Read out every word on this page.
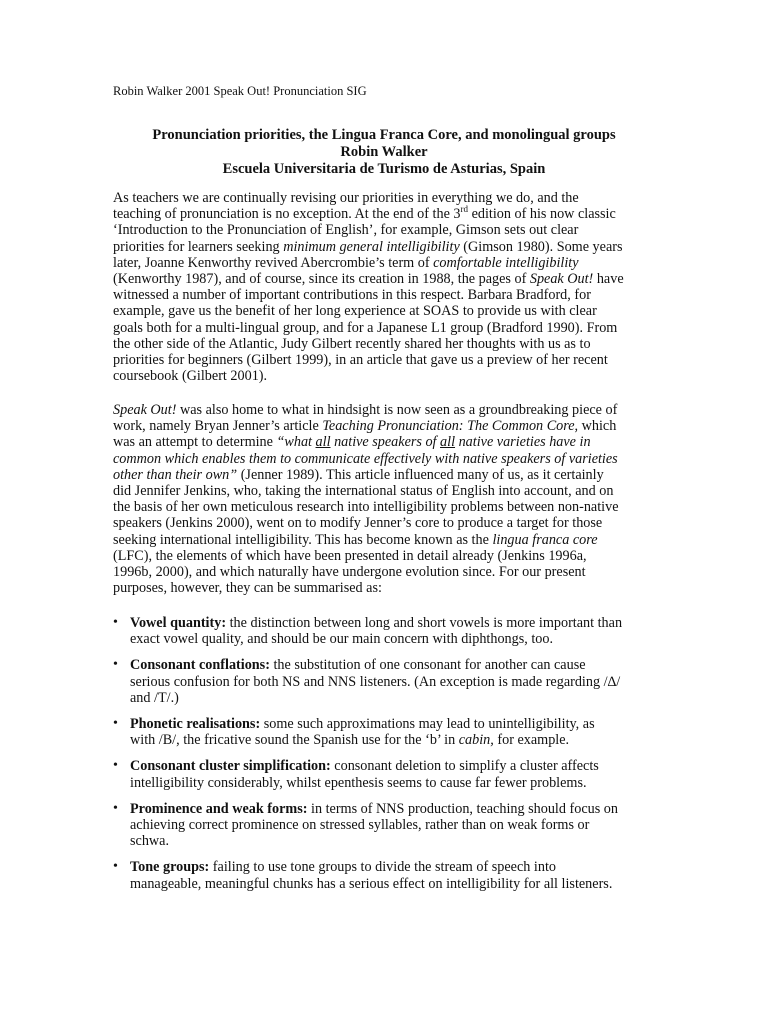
Robin Walker 2001 Speak Out! Pronunciation SIG
Pronunciation priorities, the Lingua Franca Core, and monolingual groups
Robin Walker
Escuela Universitaria de Turismo de Asturias, Spain

As teachers we are continually revising our priorities in everything we do, and the
teaching of pronunciation is no exception. At the end of the 3rd edition of his now classic
‘Introduction to the Pronunciation of English’, for example, Gimson sets out clear
priorities for learners seeking minimum general intelligibility (Gimson 1980). Some years
later, Joanne Kenworthy revived Abercrombie’s term of comfortable intelligibility
(Kenworthy 1987), and of course, since its creation in 1988, the pages of Speak Out! have
witnessed a number of important contributions in this respect. Barbara Bradford, for
example, gave us the benefit of her long experience at SOAS to provide us with clear
goals both for a multi-lingual group, and for a Japanese L1 group (Bradford 1990). From
the other side of the Atlantic, Judy Gilbert recently shared her thoughts with us as to
priorities for beginners (Gilbert 1999), in an article that gave us a preview of her recent
coursebook (Gilbert 2001).

Speak Out! was also home to what in hindsight is now seen as a groundbreaking piece of
work, namely Bryan Jenner’s article Teaching Pronunciation: The Common Core, which
was an attempt to determine “what all native speakers of all native varieties have in
common which enables them to communicate effectively with native speakers of varieties
other than their own” (Jenner 1989). This article influenced many of us, as it certainly
did Jennifer Jenkins, who, taking the international status of English into account, and on
the basis of her own meticulous research into intelligibility problems between non-native
speakers (Jenkins 2000), went on to modify Jenner’s core to produce a target for those
seeking international intelligibility. This has become known as the lingua franca core
(LFC), the elements of which have been presented in detail already (Jenkins 1996a,
1996b, 2000), and which naturally have undergone evolution since. For our present
purposes, however, they can be summarised as:

• Vowel quantity: the distinction between long and short vowels is more important than
exact vowel quality, and should be our main concern with diphthongs, too.
• Consonant conflations: the substitution of one consonant for another can cause
serious confusion for both NS and NNS listeners. (An exception is made regarding /∆/
and /T/.)
• Phonetic realisations: some such approximations may lead to unintelligibility, as
with /B/, the fricative sound the Spanish use for the ‘b’ in cabin, for example.
• Consonant cluster simplification: consonant deletion to simplify a cluster affects
intelligibility considerably, whilst epenthesis seems to cause far fewer problems.
• Prominence and weak forms: in terms of NNS production, teaching should focus on
achieving correct prominence on stressed syllables, rather than on weak forms or
schwa.
• Tone groups: failing to use tone groups to divide the stream of speech into
manageable, meaningful chunks has a serious effect on intelligibility for all listeners.
